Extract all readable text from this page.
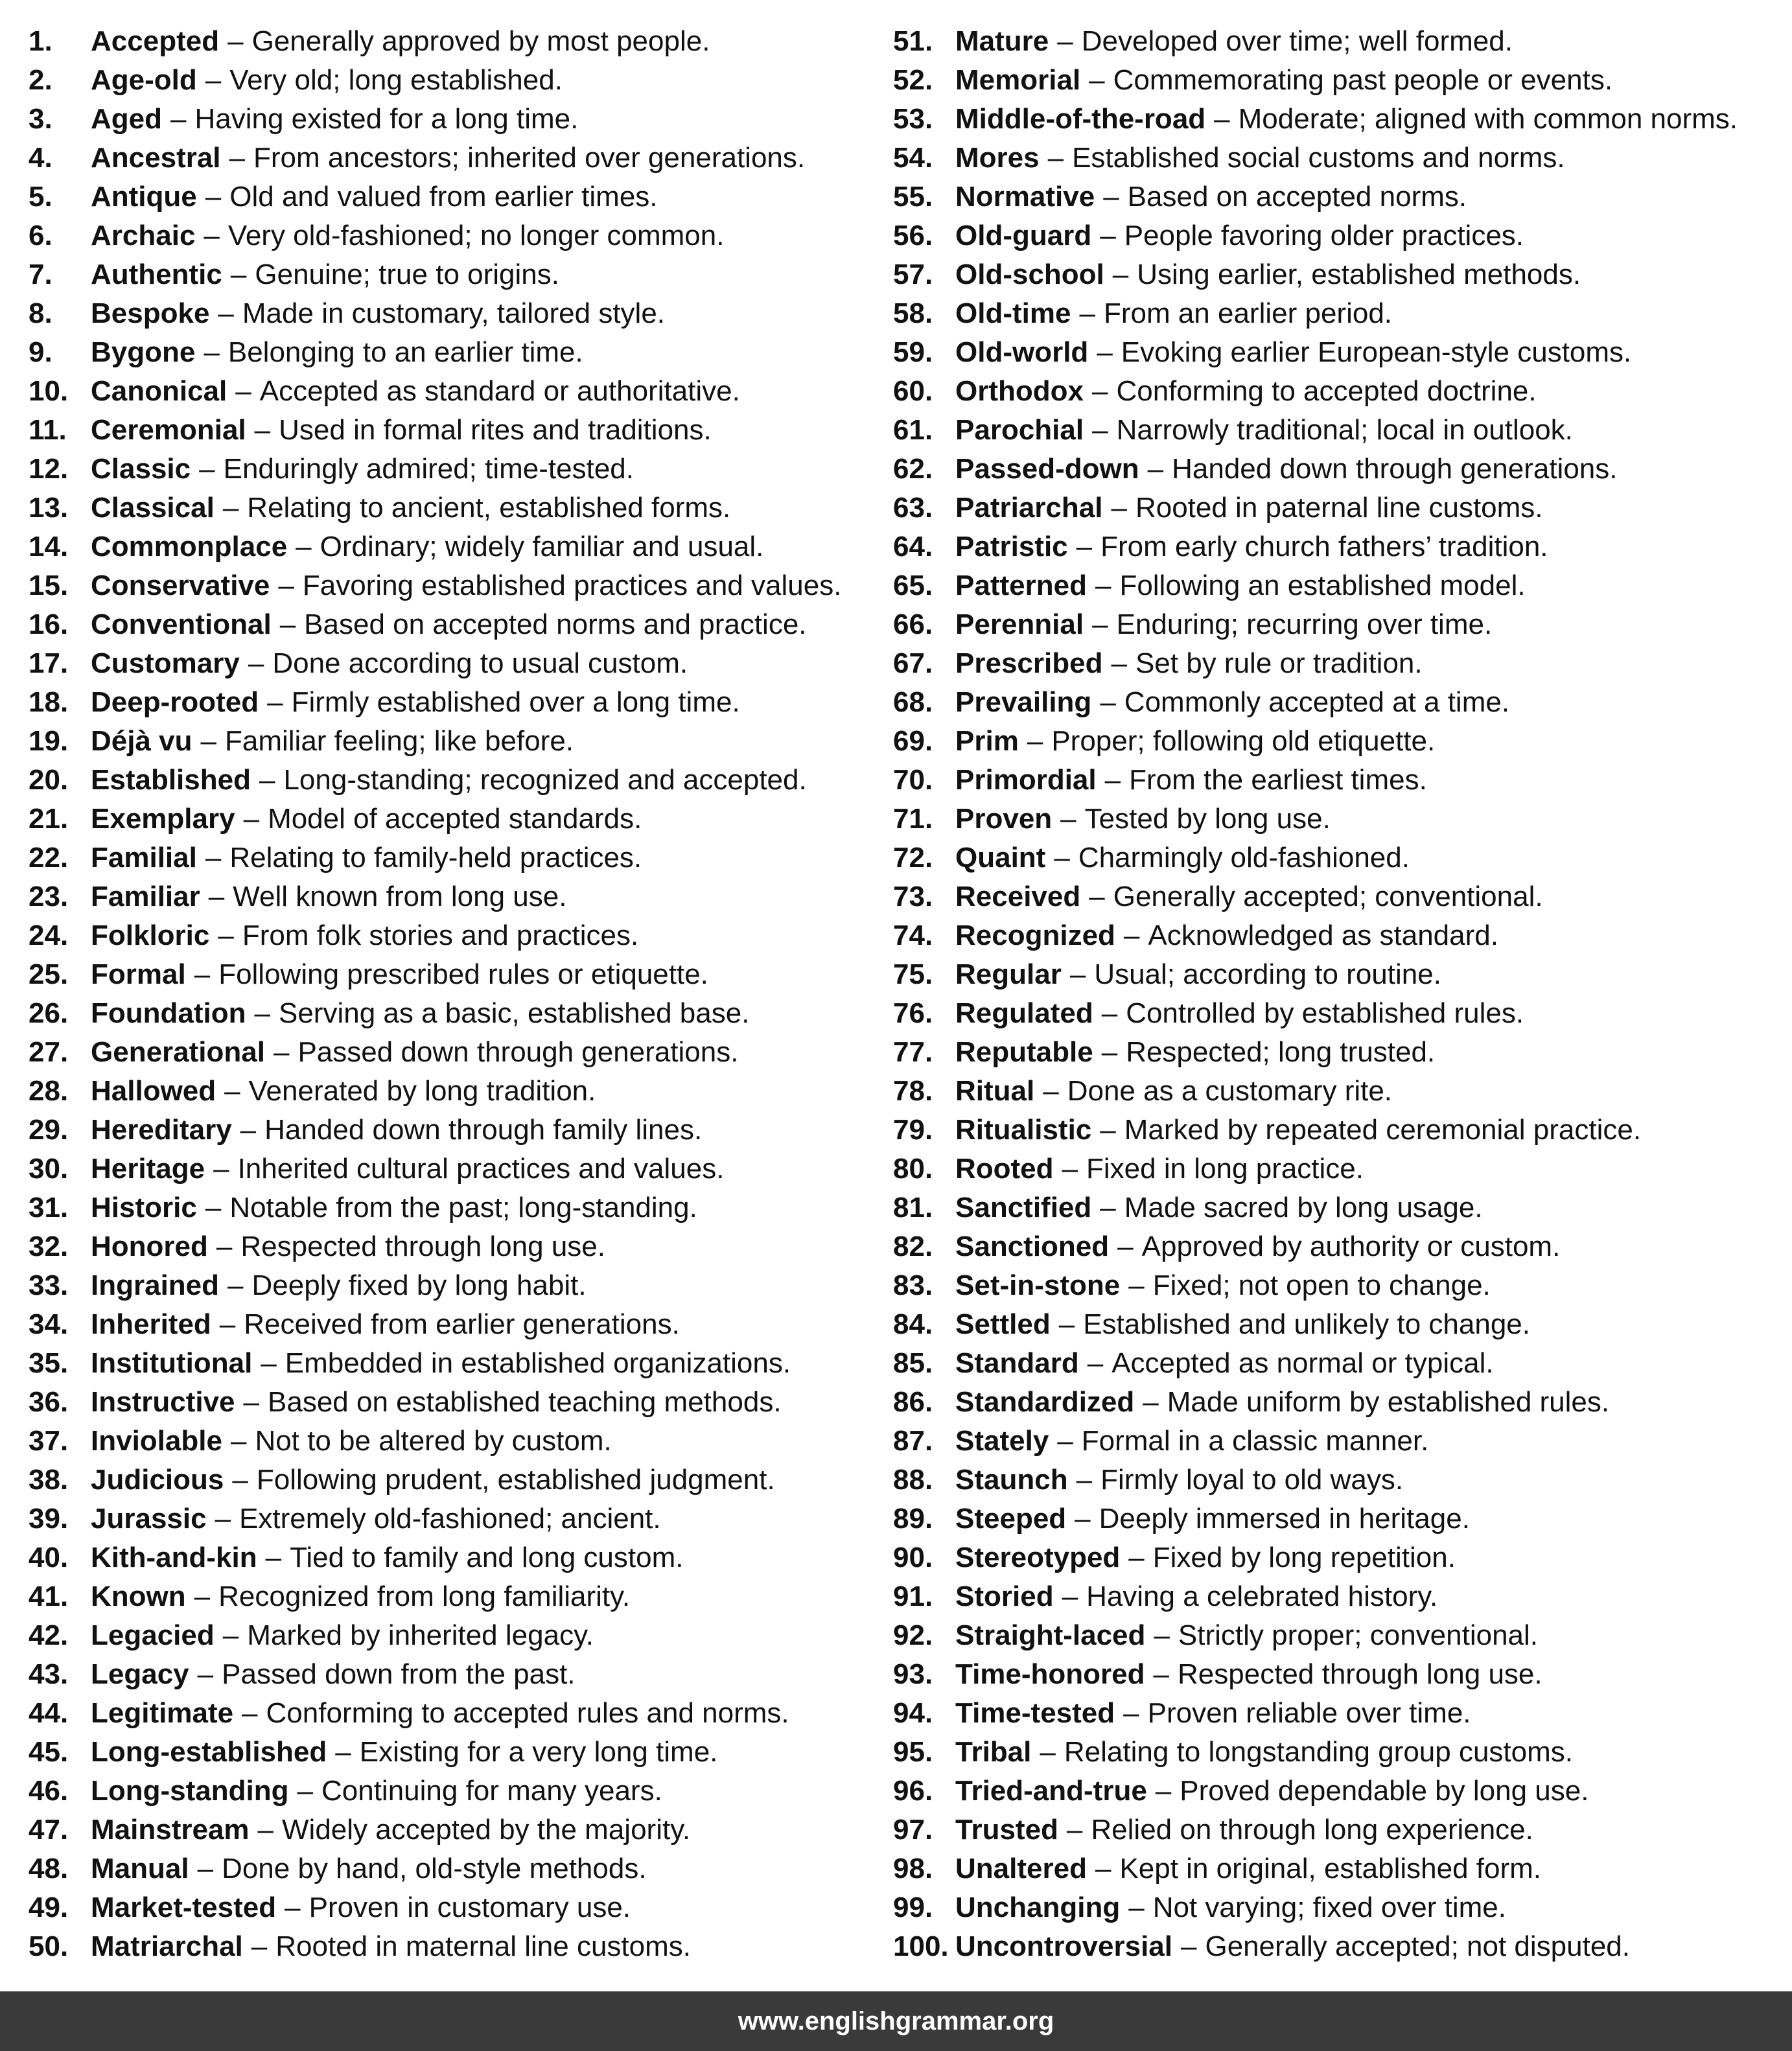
1.	Accepted – Generally approved by most people.
2.	Age-old – Very old; long established.
3.	Aged – Having existed for a long time.
4.	Ancestral – From ancestors; inherited over generations.
5.	Antique – Old and valued from earlier times.
6.	Archaic – Very old-fashioned; no longer common.
7.	Authentic – Genuine; true to origins.
8.	Bespoke – Made in customary, tailored style.
9.	Bygone – Belonging to an earlier time.
10. Canonical – Accepted as standard or authoritative.
11. Ceremonial – Used in formal rites and traditions.
12. Classic – Enduringly admired; time-tested.
13. Classical – Relating to ancient, established forms.
14. Commonplace – Ordinary; widely familiar and usual.
15. Conservative – Favoring established practices and values.
16. Conventional – Based on accepted norms and practice.
17. Customary – Done according to usual custom.
18. Deep-rooted – Firmly established over a long time.
19. Déjà vu – Familiar feeling; like before.
20. Established – Long-standing; recognized and accepted.
21. Exemplary – Model of accepted standards.
22. Familial – Relating to family-held practices.
23. Familiar – Well known from long use.
24. Folkloric – From folk stories and practices.
25. Formal – Following prescribed rules or etiquette.
26. Foundation – Serving as a basic, established base.
27. Generational – Passed down through generations.
28. Hallowed – Venerated by long tradition.
29. Hereditary – Handed down through family lines.
30. Heritage – Inherited cultural practices and values.
31. Historic – Notable from the past; long-standing.
32. Honored – Respected through long use.
33. Ingrained – Deeply fixed by long habit.
34. Inherited – Received from earlier generations.
35. Institutional – Embedded in established organizations.
36. Instructive – Based on established teaching methods.
37. Inviolable – Not to be altered by custom.
38. Judicious – Following prudent, established judgment.
39. Jurassic – Extremely old-fashioned; ancient.
40. Kith-and-kin – Tied to family and long custom.
41. Known – Recognized from long familiarity.
42. Legacied – Marked by inherited legacy.
43. Legacy – Passed down from the past.
44. Legitimate – Conforming to accepted rules and norms.
45. Long-established – Existing for a very long time.
46. Long-standing – Continuing for many years.
47. Mainstream – Widely accepted by the majority.
48. Manual – Done by hand, old-style methods.
49. Market-tested – Proven in customary use.
50. Matriarchal – Rooted in maternal line customs.
51. Mature – Developed over time; well formed.
52. Memorial – Commemorating past people or events.
53. Middle-of-the-road – Moderate; aligned with common norms.
54. Mores – Established social customs and norms.
55. Normative – Based on accepted norms.
56. Old-guard – People favoring older practices.
57. Old-school – Using earlier, established methods.
58. Old-time – From an earlier period.
59. Old-world – Evoking earlier European-style customs.
60. Orthodox – Conforming to accepted doctrine.
61. Parochial – Narrowly traditional; local in outlook.
62. Passed-down – Handed down through generations.
63. Patriarchal – Rooted in paternal line customs.
64. Patristic – From early church fathers’ tradition.
65. Patterned – Following an established model.
66. Perennial – Enduring; recurring over time.
67. Prescribed – Set by rule or tradition.
68. Prevailing – Commonly accepted at a time.
69. Prim – Proper; following old etiquette.
70. Primordial – From the earliest times.
71. Proven – Tested by long use.
72. Quaint – Charmingly old-fashioned.
73. Received – Generally accepted; conventional.
74. Recognized – Acknowledged as standard.
75. Regular – Usual; according to routine.
76. Regulated – Controlled by established rules.
77. Reputable – Respected; long trusted.
78. Ritual – Done as a customary rite.
79. Ritualistic – Marked by repeated ceremonial practice.
80. Rooted – Fixed in long practice.
81. Sanctified – Made sacred by long usage.
82. Sanctioned – Approved by authority or custom.
83. Set-in-stone – Fixed; not open to change.
84. Settled – Established and unlikely to change.
85. Standard – Accepted as normal or typical.
86. Standardized – Made uniform by established rules.
87. Stately – Formal in a classic manner.
88. Staunch – Firmly loyal to old ways.
89. Steeped – Deeply immersed in heritage.
90. Stereotyped – Fixed by long repetition.
91. Storied – Having a celebrated history.
92. Straight-laced – Strictly proper; conventional.
93. Time-honored – Respected through long use.
94. Time-tested – Proven reliable over time.
95. Tribal – Relating to longstanding group customs.
96. Tried-and-true – Proved dependable by long use.
97. Trusted – Relied on through long experience.
98. Unaltered – Kept in original, established form.
99. Unchanging – Not varying; fixed over time.
100. Uncontroversial – Generally accepted; not disputed.
www.englishgrammar.org
